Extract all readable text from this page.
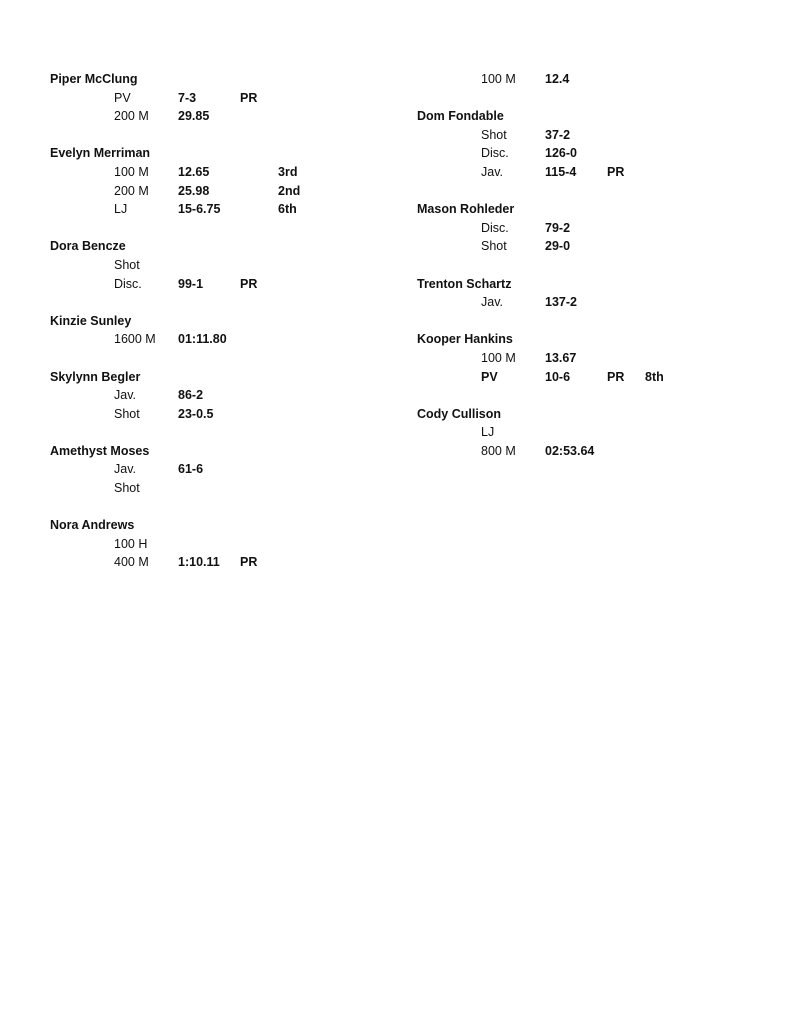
Piper McClung
PV	7-3	PR
200 M 29.85
Evelyn Merriman
100 M 12.65	3rd
200 M 25.98	2nd
LJ	15-6.75	6th
Dora Bencze
Shot
Disc.	99-1	PR
Kinzie Sunley
1600 M 01:11.80
Skylynn Begler
Jav.	86-2
Shot	23-0.5
Amethyst Moses
Jav.	61-6
Shot
Nora Andrews
100 H
400 M 1:10.11 PR
100 M 12.4
Dom Fondable
Shot	37-2
Disc.	126-0
Jav.	115-4 PR
Mason Rohleder
Disc.	79-2
Shot	29-0
Trenton Schartz
Jav.	137-2
Kooper Hankins
100 M 13.67
PV	10-6	PR 8th
Cody Cullison
LJ
800 M 02:53.64
